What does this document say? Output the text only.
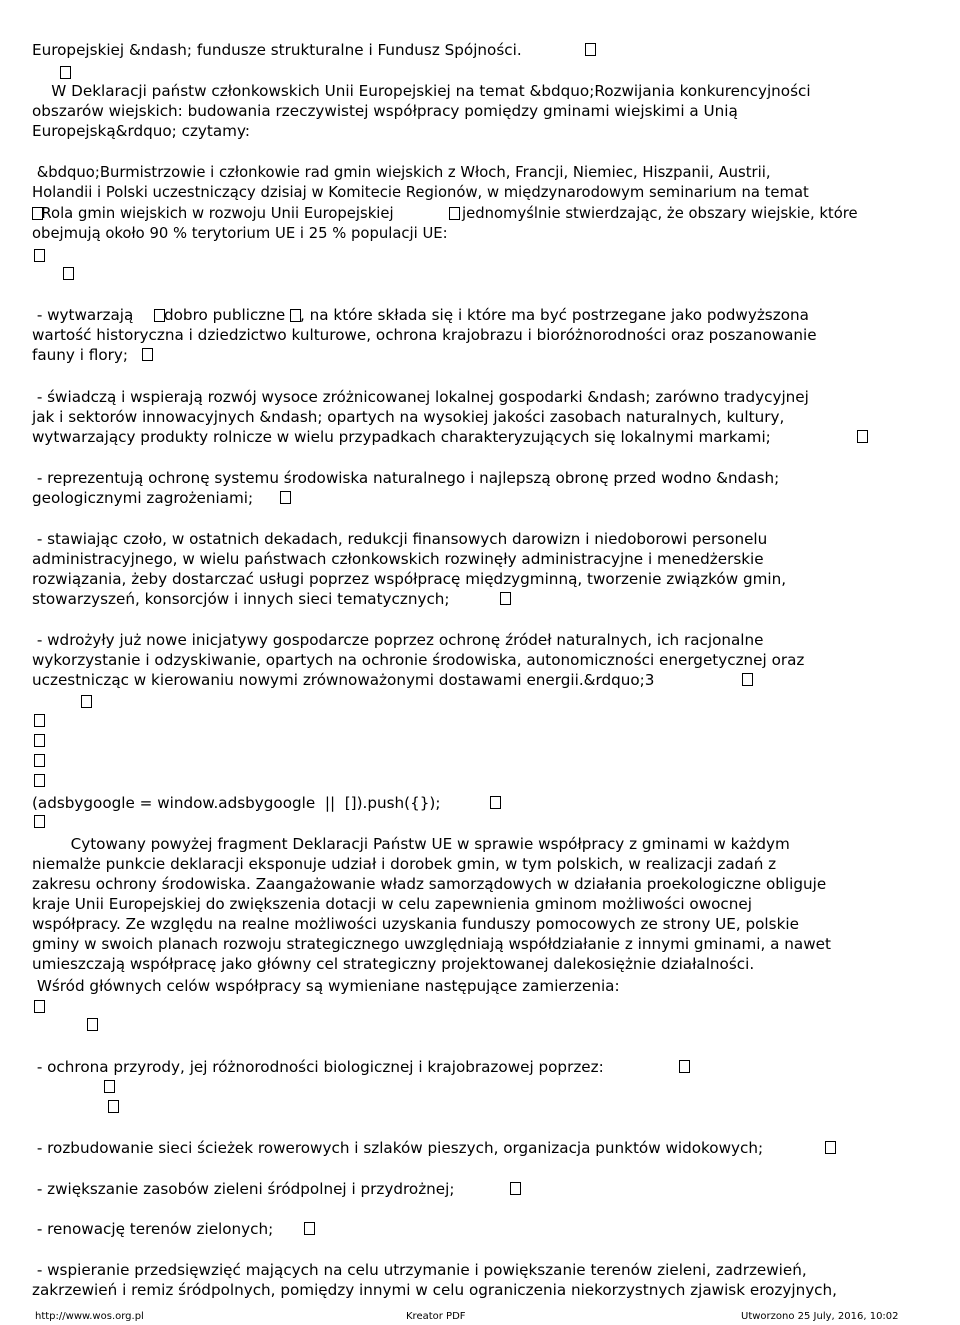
Europejskiej &ndash; fundusze strukturalne i Fundusz Spójności.
W Deklaracji państw członkowskich Unii Europejskiej na temat &bdquo;Rozwijania konkurencyjności
obszarów wiejskich: budowania rzeczywistej współpracy pomiędzy gminami wiejskimi a Unią
Europejską&rdquo; czytamy:
&bdquo;Burmistrzowie i członkowie rad gmin wiejskich z Włoch, Francji, Niemiec, Hiszpanii, Austrii,
Holandii i Polski uczestniczący dzisiaj w Komitecie Regionów, w międzynarodowym seminarium na temat
Rola gmin wiejskich w rozwoju Unii Europejskiej	jednomyślnie stwierdzając, że obszary wiejskie, które
obejmują około 90 % terytorium UE i 25 % populacji UE:
- wytwarzają dobro publiczne , na które składa się i które ma być postrzegane jako podwyższona
wartość historyczna i dziedzictwo kulturowe, ochrona krajobrazu i bioróżnorodności oraz poszanowanie
fauny i flory;
- świadczą i wspierają rozwój wysoce zróżnicowanej lokalnej gospodarki &ndash; zarówno tradycyjnej
jak i sektorów innowacyjnych &ndash; opartych na wysokiej jakości zasobach naturalnych, kultury,
wytwarzający produkty rolnicze w wielu przypadkach charakteryzujących się lokalnymi markami;
- reprezentują ochronę systemu środowiska naturalnego i najlepszą obronę przed wodno &ndash;
geologicznymi zagrożeniami;
- stawiając czoło, w ostatnich dekadach, redukcji finansowych darowizn i niedoborowi personelu
administracyjnego, w wielu państwach członkowskich rozwinęły administracyjne i menedżerskie
rozwiązania, żeby dostarczać usługi poprzez współpracę międzygminną, tworzenie związków gmin,
stowarzyszeń, konsorcjów i innych sieci tematycznych;
- wdrożyły już nowe inicjatywy gospodarcze poprzez ochronę źródeł naturalnych, ich racjonalne
wykorzystanie i odzyskiwanie, opartych na ochronie środowiska, autonomiczności energetycznej oraz
uczestnicząc w kierowaniu nowymi zrównoważonymi dostawami energii.&rdquo;3
(adsbygoogle = window.adsbygoogle  ||  []).push({});
Cytowany powyżej fragment Deklaracji Państw UE w sprawie współpracy z gminami w każdym
niemalże punkcie deklaracji eksponuje udział i dorobek gmin, w tym polskich, w realizacji zadań z
zakresu ochrony środowiska. Zaangażowanie władz samorządowych w działania proekologiczne obliguje
kraje Unii Europejskiej do zwiększenia dotacji w celu zapewnienia gminom możliwości owocnej
współpracy. Ze względu na realne możliwości uzyskania funduszy pomocowych ze strony UE, polskie
gminy w swoich planach rozwoju strategicznego uwzględniają współdziałanie z innymi gminami, a nawet
umieszczają współpracę jako główny cel strategiczny projektowanej dalekosiężnie działalności.
Wśród głównych celów współpracy są wymieniane następujące zamierzenia:
- ochrona przyrody, jej różnorodności biologicznej i krajobrazowej poprzez:
- rozbudowanie sieci ścieżek rowerowych i szlaków pieszych, organizacja punktów widokowych;
- zwiększanie zasobów zieleni śródpolnej i przydrożnej;
- renowację terenów zielonych;
- wspieranie przedsięwzięć mających na celu utrzymanie i powiększanie terenów zieleni, zadrzewień,
zakrzewień i remiz śródpolnych, pomiędzy innymi w celu ograniczenia niekorzystnych zjawisk erozyjnych,
http://www.wos.org.pl	Kreator PDF	Utworzono 25 July, 2016, 10:02
